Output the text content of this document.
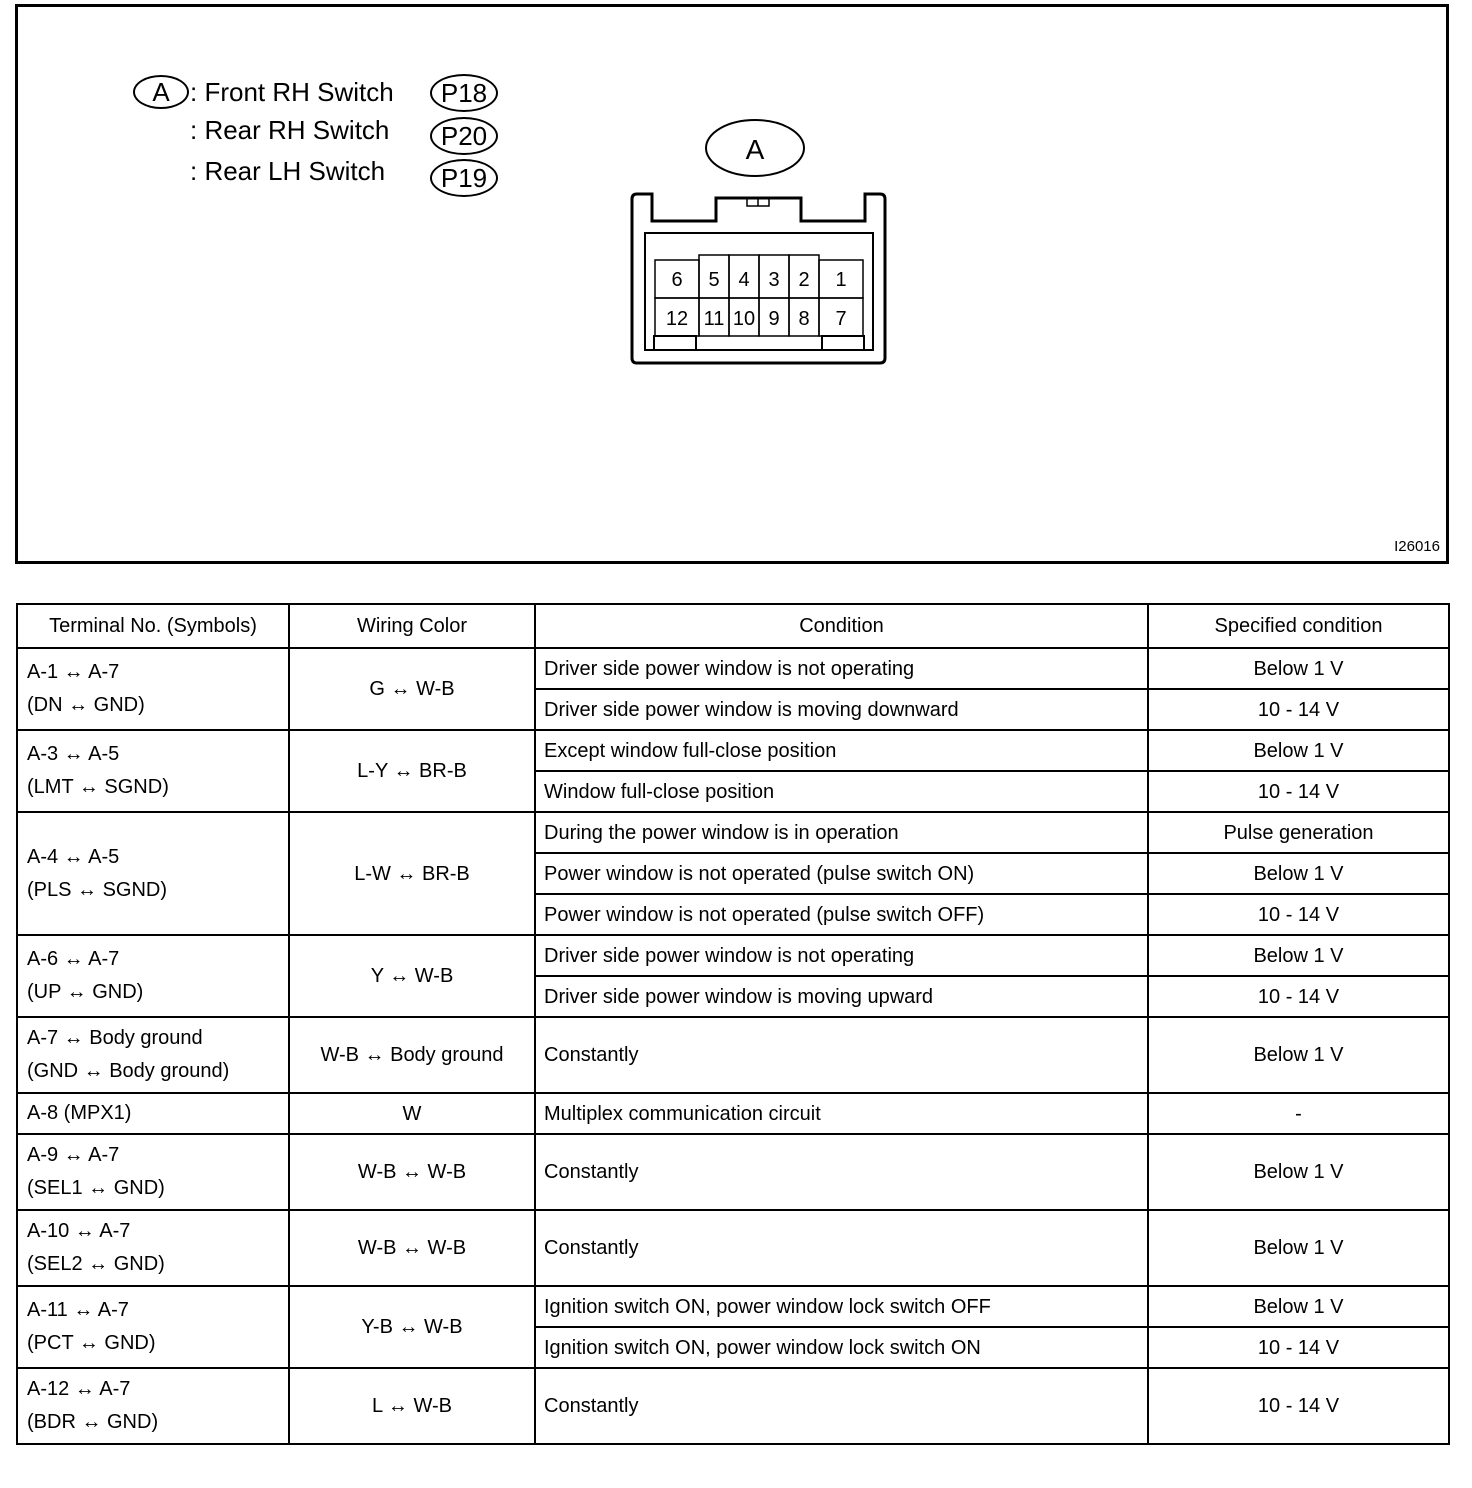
A : Front RH Switch
: Rear RH Switch
: Rear LH Switch
P18
P20
P19
A
6 5 4 3 2 1
12 11 10 9 8 7
I26016
Terminal No. (Symbols)	Wiring Color	Condition	Specified condition

A-1 ↔ A-7
(DN ↔ GND)	G ↔ W-B	Driver side power window is not operating	Below 1 V
		Driver side power window is moving downward	10 - 14 V

A-3 ↔ A-5
(LMT ↔ SGND)	L-Y ↔ BR-B	Except window full-close position	Below 1 V
		Window full-close position	10 - 14 V

A-4 ↔ A-5
(PLS ↔ SGND)	L-W ↔ BR-B	During the power window is in operation	Pulse generation
		Power window is not operated (pulse switch ON)	Below 1 V
		Power window is not operated (pulse switch OFF)	10 - 14 V

A-6 ↔ A-7
(UP ↔ GND)	Y ↔ W-B	Driver side power window is not operating	Below 1 V
		Driver side power window is moving upward	10 - 14 V

A-7 ↔ Body ground
(GND ↔ Body ground)	W-B ↔ Body ground	Constantly	Below 1 V

A-8 (MPX1)	W	Multiplex communication circuit	-

A-9 ↔ A-7
(SEL1 ↔ GND)	W-B ↔ W-B	Constantly	Below 1 V

A-10 ↔ A-7
(SEL2 ↔ GND)	W-B ↔ W-B	Constantly	Below 1 V

A-11 ↔ A-7
(PCT ↔ GND)	Y-B ↔ W-B	Ignition switch ON, power window lock switch OFF	Below 1 V
		Ignition switch ON, power window lock switch ON	10 - 14 V

A-12 ↔ A-7
(BDR ↔ GND)	L ↔ W-B	Constantly	10 - 14 V
